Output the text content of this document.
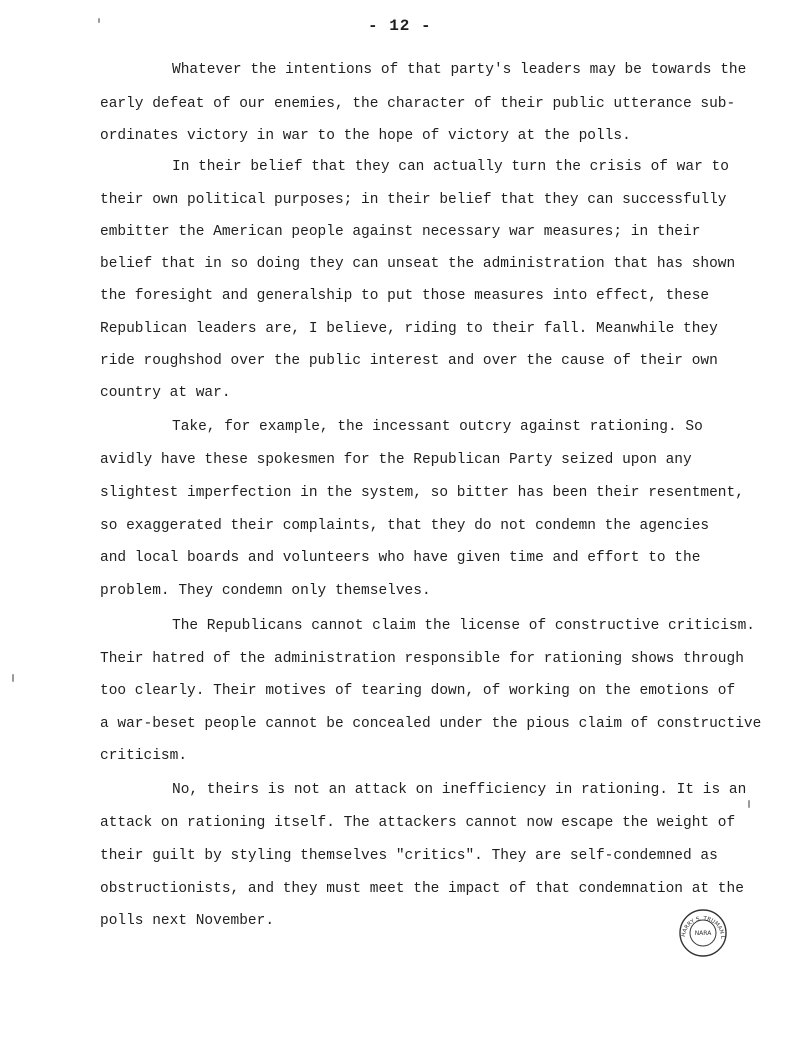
- 12 -
Whatever the intentions of that party's leaders may be towards the
early defeat of our enemies, the character of their public utterance sub-
ordinates victory in war to the hope of victory at the polls.
In their belief that they can actually turn the crisis of war to
their own political purposes; in their belief that they can successfully
embitter the American people against necessary war measures; in their
belief that in so doing they can unseat the administration that has shown
the foresight and generalship to put those measures into effect, these
Republican leaders are, I believe, riding to their fall. Meanwhile they
ride roughshod over the public interest and over the cause of their own
country at war.
Take, for example, the incessant outcry against rationing. So
avidly have these spokesmen for the Republican Party seized upon any
slightest imperfection in the system, so bitter has been their resentment,
so exaggerated their complaints, that they do not condemn the agencies
and local boards and volunteers who have given time and effort to the
problem. They condemn only themselves.
The Republicans cannot claim the license of constructive criticism.
Their hatred of the administration responsible for rationing shows through
too clearly. Their motives of tearing down, of working on the emotions of
a war-beset people cannot be concealed under the pious claim of constructive
criticism.
No, theirs is not an attack on inefficiency in rationing. It is an
attack on rationing itself. The attackers cannot now escape the weight of
their guilt by styling themselves "critics". They are self-condemned as
obstructionists, and they must meet the impact of that condemnation at the
polls next November.
HARRY S. TRUMAN L
NARA
